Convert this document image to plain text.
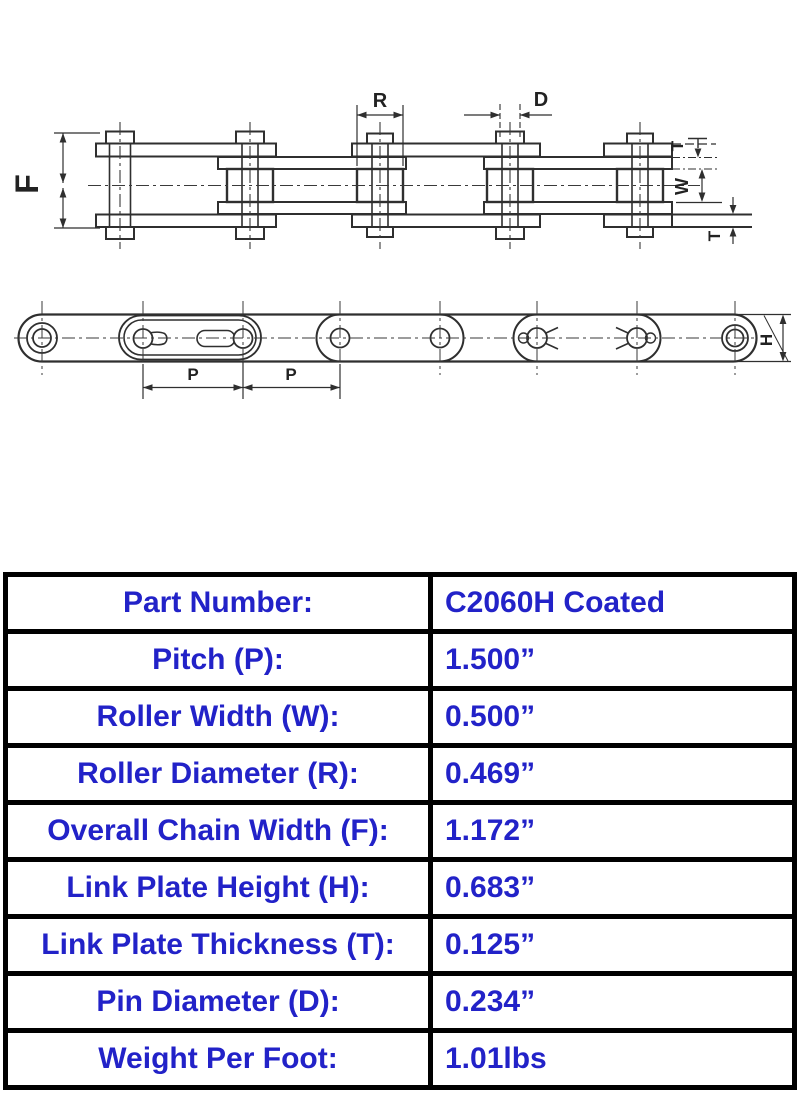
F
R	D
T
W
T
H
P	P
Part Number:	C2060H Coated
Pitch (P):	1.500”
Roller Width (W):	0.500”
Roller Diameter (R):	0.469”
Overall Chain Width (F):	1.172”
Link Plate Height (H):	0.683”
Link Plate Thickness (T):	0.125”
Pin Diameter (D):	0.234”
Weight Per Foot:	1.01lbs
